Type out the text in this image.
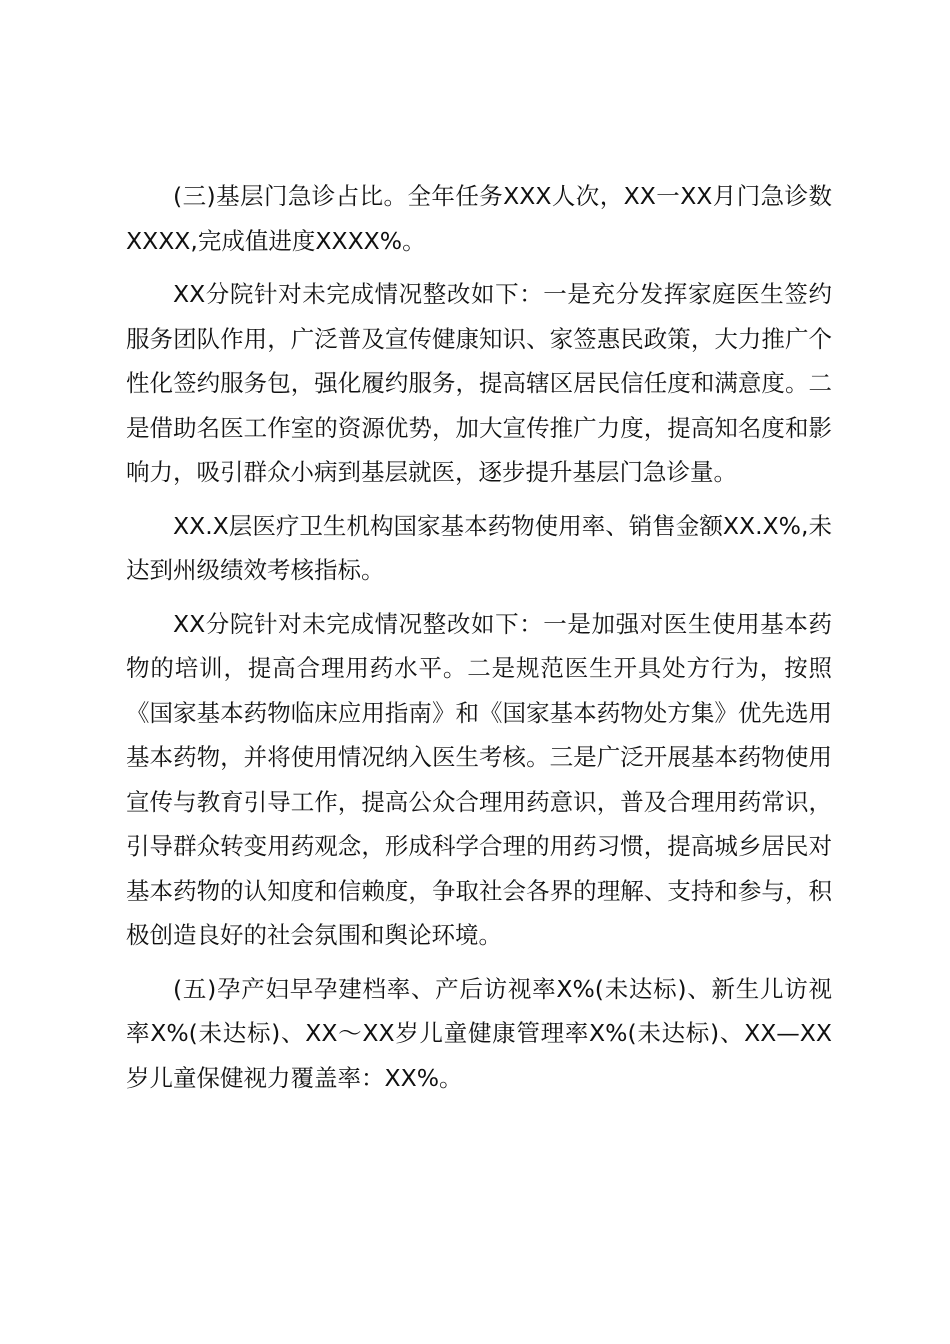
(三)基层门急诊占比。全年任务XXX人次，XX一XX月门急诊数XXXX,完成值进度XXXX%。

XX分院针对未完成情况整改如下：一是充分发挥家庭医生签约服务团队作用，广泛普及宣传健康知识、家签惠民政策，大力推广个性化签约服务包，强化履约服务，提高辖区居民信任度和满意度。二是借助名医工作室的资源优势，加大宣传推广力度，提高知名度和影响力，吸引群众小病到基层就医，逐步提升基层门急诊量。

XX.X层医疗卫生机构国家基本药物使用率、销售金额XX.X%,未达到州级绩效考核指标。

XX分院针对未完成情况整改如下：一是加强对医生使用基本药物的培训，提高合理用药水平。二是规范医生开具处方行为，按照《国家基本药物临床应用指南》和《国家基本药物处方集》优先选用基本药物，并将使用情况纳入医生考核。三是广泛开展基本药物使用宣传与教育引导工作，提高公众合理用药意识，普及合理用药常识，引导群众转变用药观念，形成科学合理的用药习惯，提高城乡居民对基本药物的认知度和信赖度，争取社会各界的理解、支持和参与，积极创造良好的社会氛围和舆论环境。

(五)孕产妇早孕建档率、产后访视率X%(未达标)、新生儿访视率X%(未达标)、XX～XX岁儿童健康管理率X%(未达标)、XX—XX岁儿童保健视力覆盖率：XX%。
